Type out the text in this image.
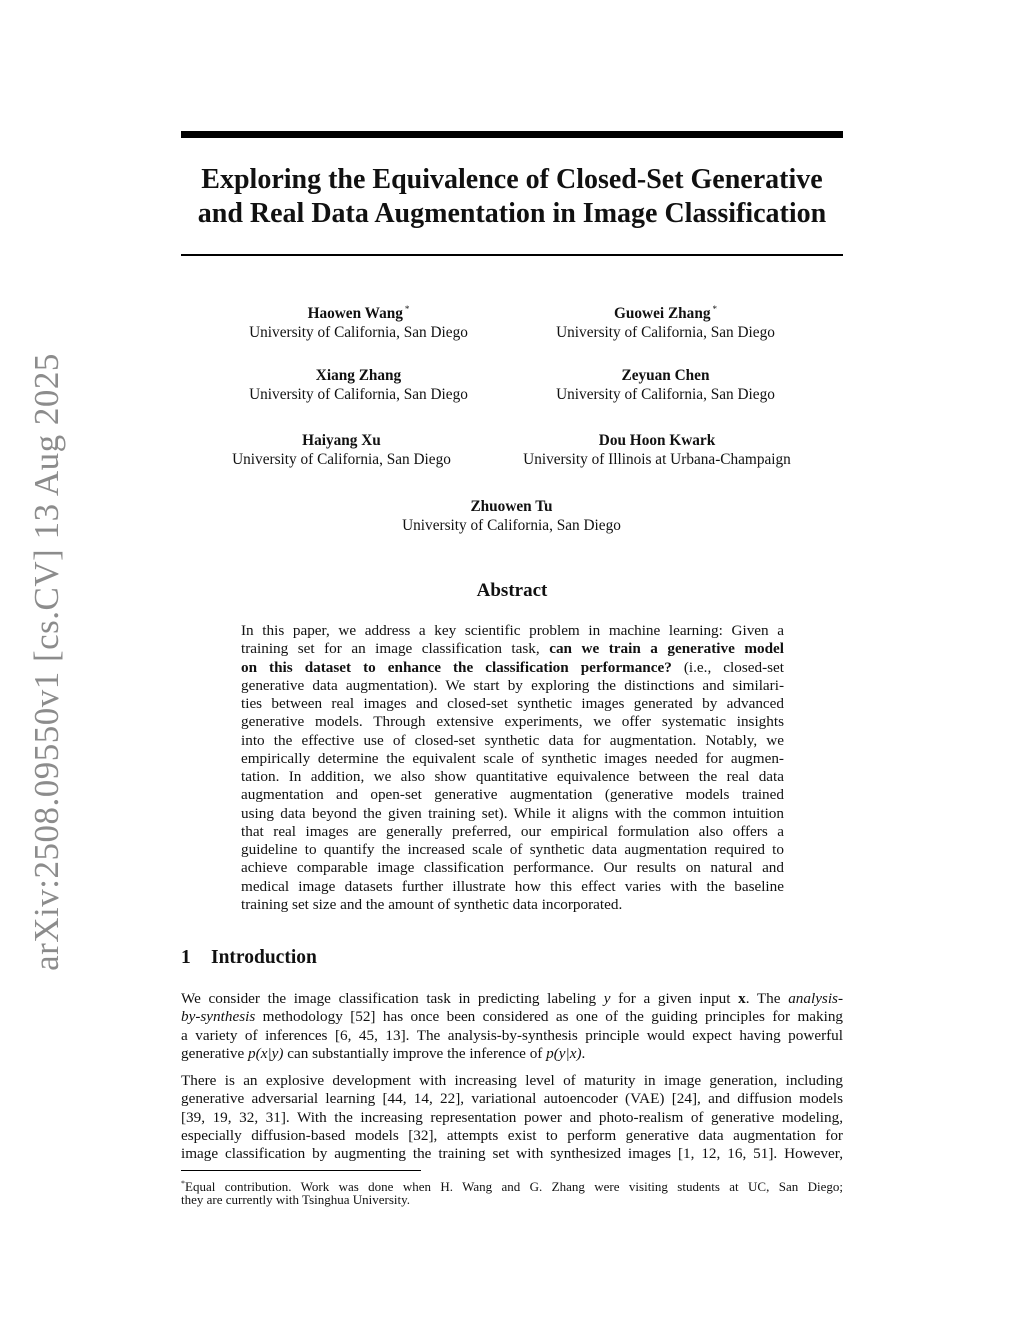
arXiv:2508.09550v1 [cs.CV] 13 Aug 2025
Exploring the Equivalence of Closed-Set Generative
and Real Data Augmentation in Image Classification
Haowen Wang *
University of California, San Diego
Guowei Zhang *
University of California, San Diego
Xiang Zhang
University of California, San Diego
Zeyuan Chen
University of California, San Diego
Haiyang Xu
University of California, San Diego
Dou Hoon Kwark
University of Illinois at Urbana-Champaign
Zhuowen Tu
University of California, San Diego
Abstract
In this paper, we address a key scientific problem in machine learning: Given a
training set for an image classification task, can we train a generative model
on this dataset to enhance the classification performance? (i.e., closed-set
generative data augmentation). We start by exploring the distinctions and similari-
ties between real images and closed-set synthetic images generated by advanced
generative models. Through extensive experiments, we offer systematic insights
into the effective use of closed-set synthetic data for augmentation. Notably, we
empirically determine the equivalent scale of synthetic images needed for augmen-
tation. In addition, we also show quantitative equivalence between the real data
augmentation and open-set generative augmentation (generative models trained
using data beyond the given training set). While it aligns with the common intuition
that real images are generally preferred, our empirical formulation also offers a
guideline to quantify the increased scale of synthetic data augmentation required to
achieve comparable image classification performance. Our results on natural and
medical image datasets further illustrate how this effect varies with the baseline
training set size and the amount of synthetic data incorporated.
1 Introduction
We consider the image classification task in predicting labeling y for a given input x. The analysis-
by-synthesis methodology [52] has once been considered as one of the guiding principles for making
a variety of inferences [6, 45, 13]. The analysis-by-synthesis principle would expect having powerful
generative p(x|y) can substantially improve the inference of p(y|x).
There is an explosive development with increasing level of maturity in image generation, including
generative adversarial learning [44, 14, 22], variational autoencoder (VAE) [24], and diffusion models
[39, 19, 32, 31]. With the increasing representation power and photo-realism of generative modeling,
especially diffusion-based models [32], attempts exist to perform generative data augmentation for
image classification by augmenting the training set with synthesized images [1, 12, 16, 51]. However,
*Equal contribution. Work was done when H. Wang and G. Zhang were visiting students at UC, San Diego;
they are currently with Tsinghua University.
